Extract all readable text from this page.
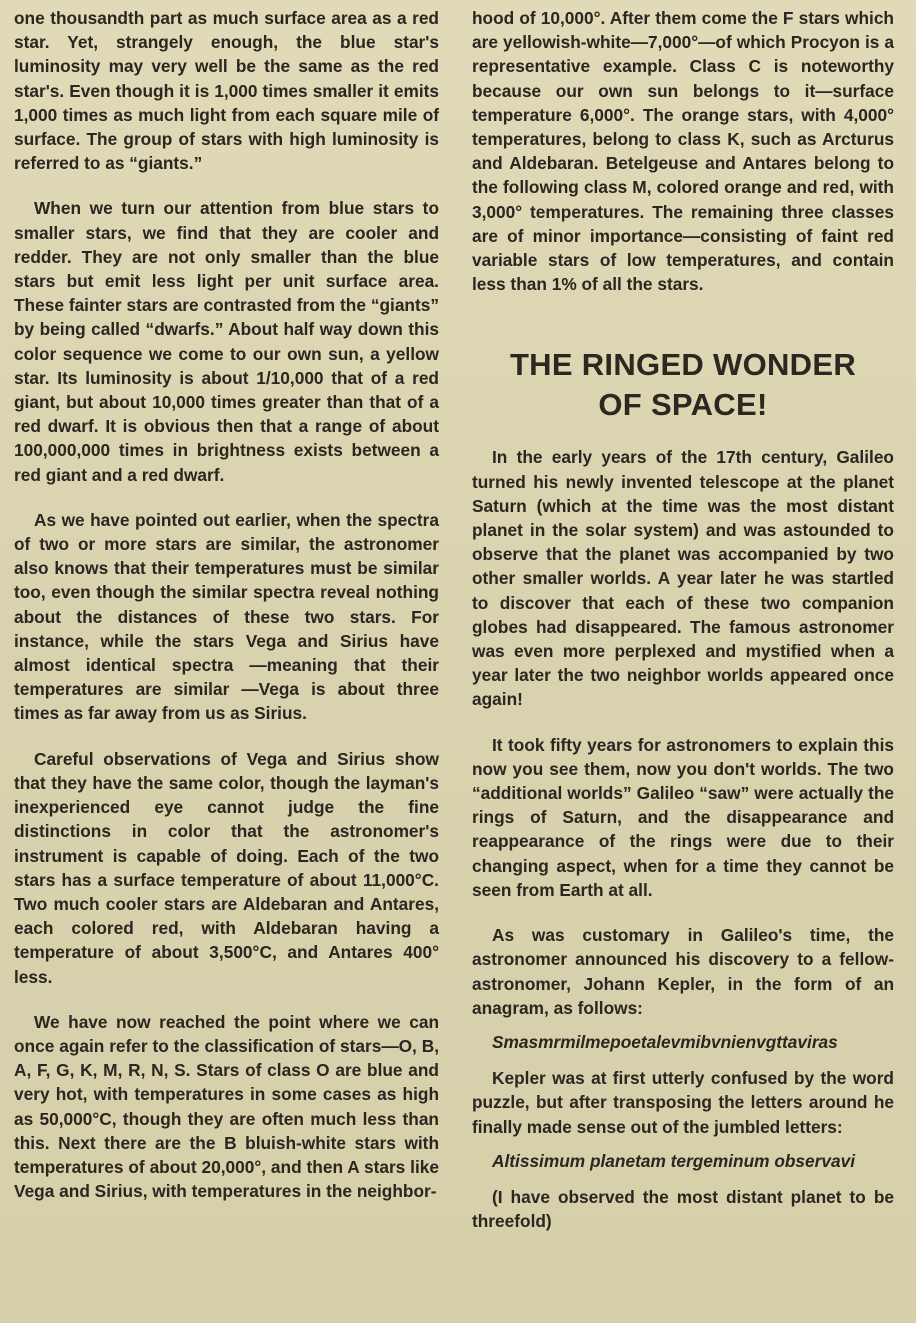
one thousandth part as much surface area as a red star. Yet, strangely enough, the blue star's luminosity may very well be the same as the red star's. Even though it is 1,000 times smaller it emits 1,000 times as much light from each square mile of surface. The group of stars with high luminosity is referred to as “giants.”

When we turn our attention from blue stars to smaller stars, we find that they are cooler and redder. They are not only smaller than the blue stars but emit less light per unit surface area. These fainter stars are contrasted from the “giants” by being called “dwarfs.” About half way down this color sequence we come to our own sun, a yellow star. Its luminosity is about 1/10,000 that of a red giant, but about 10,000 times greater than that of a red dwarf. It is obvious then that a range of about 100,000,000 times in brightness exists between a red giant and a red dwarf.

As we have pointed out earlier, when the spectra of two or more stars are similar, the astronomer also knows that their temperatures must be similar too, even though the similar spectra reveal nothing about the distances of these two stars. For instance, while the stars Vega and Sirius have almost identical spectra —meaning that their temperatures are similar —Vega is about three times as far away from us as Sirius.

Careful observations of Vega and Sirius show that they have the same color, though the layman's inexperienced eye cannot judge the fine distinctions in color that the astronomer's instrument is capable of doing. Each of the two stars has a surface temperature of about 11,000°C. Two much cooler stars are Aldebaran and Antares, each colored red, with Aldebaran having a temperature of about 3,500°C, and Antares 400° less.

We have now reached the point where we can once again refer to the classification of stars—O, B, A, F, G, K, M, R, N, S. Stars of class O are blue and very hot, with temperatures in some cases as high as 50,000°C, though they are often much less than this. Next there are the B bluish-white stars with temperatures of about 20,000°, and then A stars like Vega and Sirius, with temperatures in the neighbor-

hood of 10,000°. After them come the F stars which are yellowish-white—7,000°—of which Procyon is a representative example. Class C is noteworthy because our own sun belongs to it—surface temperature 6,000°. The orange stars, with 4,000° temperatures, belong to class K, such as Arcturus and Aldebaran. Betelgeuse and Antares belong to the following class M, colored orange and red, with 3,000° temperatures. The remaining three classes are of minor importance—consisting of faint red variable stars of low temperatures, and contain less than 1% of all the stars.

THE RINGED WONDER
OF SPACE!

In the early years of the 17th century, Galileo turned his newly invented telescope at the planet Saturn (which at the time was the most distant planet in the solar system) and was astounded to observe that the planet was accompanied by two other smaller worlds. A year later he was startled to discover that each of these two companion globes had disappeared. The famous astronomer was even more perplexed and mystified when a year later the two neighbor worlds appeared once again!

It took fifty years for astronomers to explain this now you see them, now you don't worlds. The two “additional worlds” Galileo “saw” were actually the rings of Saturn, and the disappearance and reappearance of the rings were due to their changing aspect, when for a time they cannot be seen from Earth at all.

As was customary in Galileo's time, the astronomer announced his discovery to a fellow-astronomer, Johann Kepler, in the form of an anagram, as follows:

Smasmrmilmepoetalevmibvnienvgttaviras

Kepler was at first utterly confused by the word puzzle, but after transposing the letters around he finally made sense out of the jumbled letters:

Altissimum planetam tergeminum observavi

(I have observed the most distant planet to be threefold)
